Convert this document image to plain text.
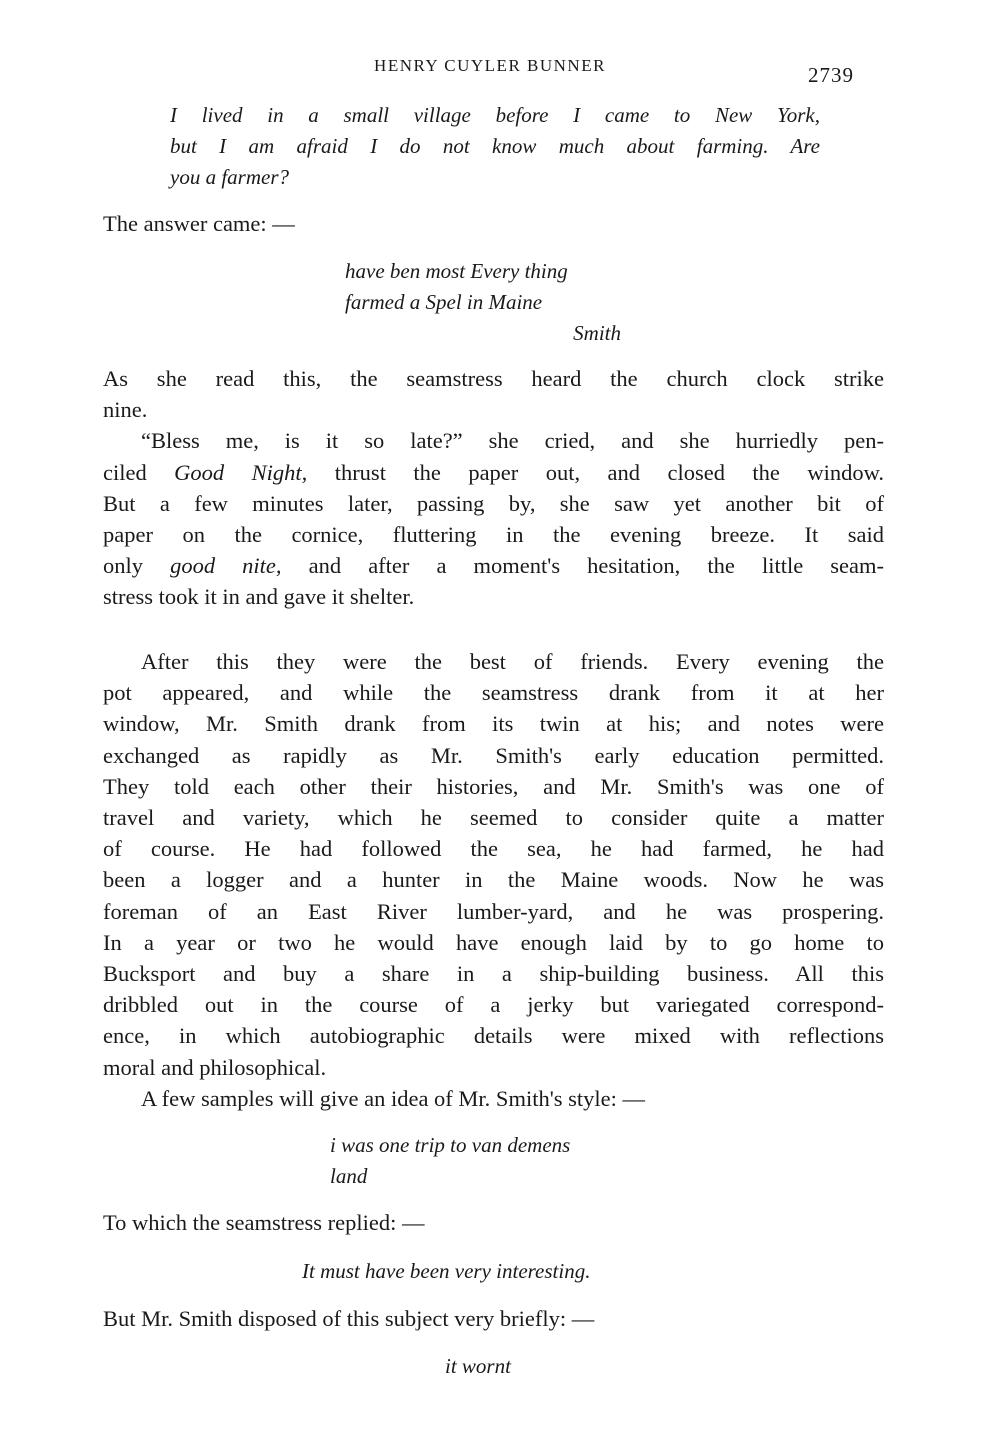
HENRY CUYLER BUNNER	2739
I lived in a small village before I came to New York,
but I am afraid I do not know much about farming. Are
you a farmer?
The answer came: —
have ben most Every thing
farmed a Spel in Maine
Smith
As she read this, the seamstress heard the church clock strike
nine.
“Bless me, is it so late?” she cried, and she hurriedly pen-
ciled Good Night, thrust the paper out, and closed the window.
But a few minutes later, passing by, she saw yet another bit of
paper on the cornice, fluttering in the evening breeze. It said
only good nite, and after a moment's hesitation, the little seam-
stress took it in and gave it shelter.
After this they were the best of friends. Every evening the
pot appeared, and while the seamstress drank from it at her
window, Mr. Smith drank from its twin at his; and notes were
exchanged as rapidly as Mr. Smith's early education permitted.
They told each other their histories, and Mr. Smith's was one of
travel and variety, which he seemed to consider quite a matter
of course. He had followed the sea, he had farmed, he had
been a logger and a hunter in the Maine woods. Now he was
foreman of an East River lumber-yard, and he was prospering.
In a year or two he would have enough laid by to go home to
Bucksport and buy a share in a ship-building business. All this
dribbled out in the course of a jerky but variegated correspond-
ence, in which autobiographic details were mixed with reflections
moral and philosophical.
A few samples will give an idea of Mr. Smith's style: —
i was one trip to van demens
land
To which the seamstress replied: —
It must have been very interesting.
But Mr. Smith disposed of this subject very briefly: —
it wornt
